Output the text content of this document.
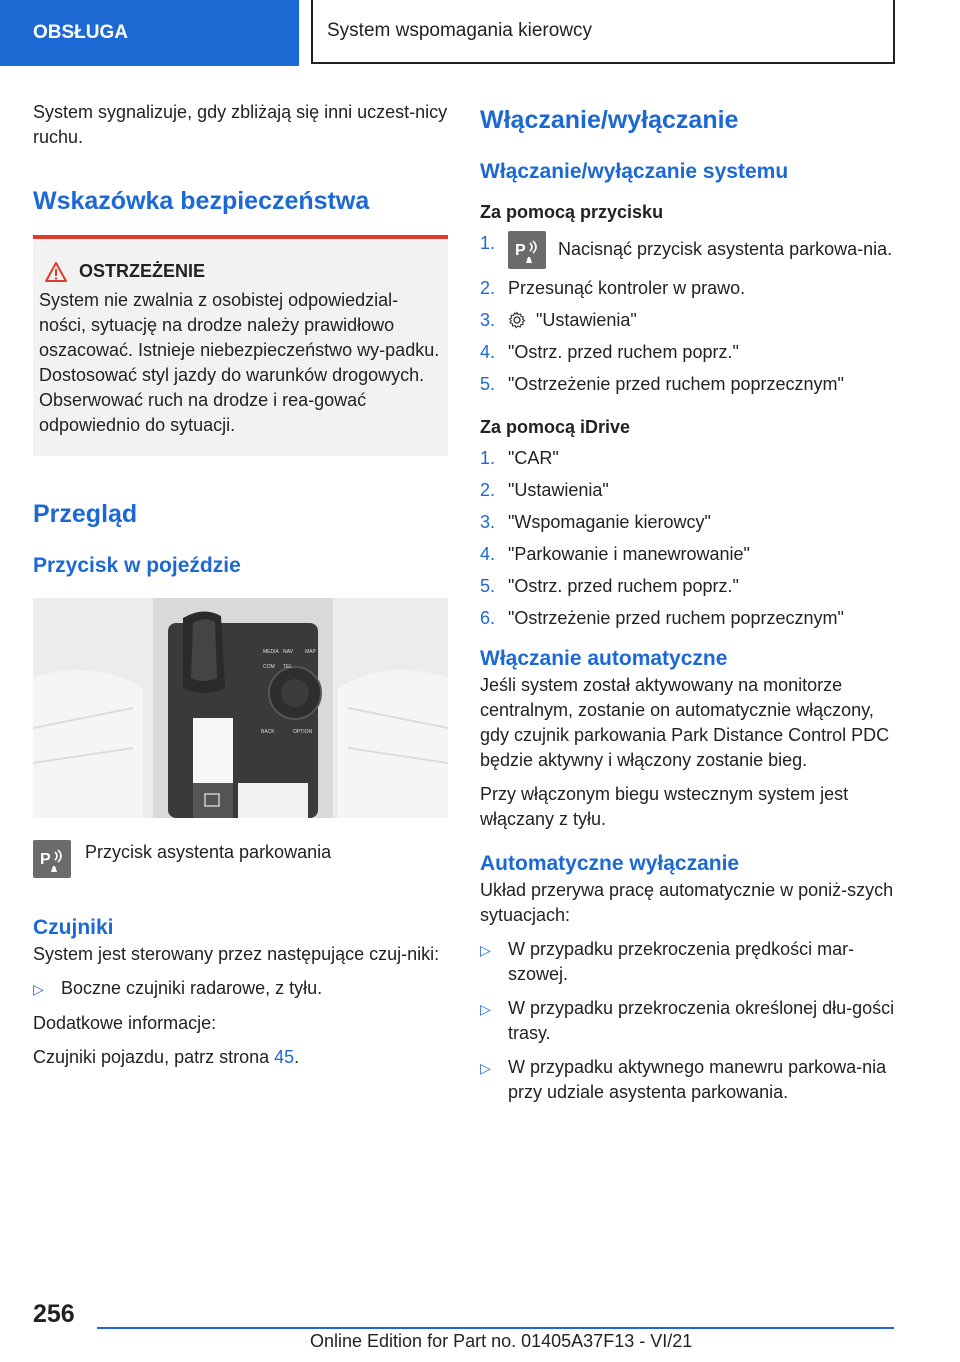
OBSŁUGA	System wspomagania kierowcy

System sygnalizuje, gdy zbliżają się inni uczest-nicy ruchu.

Wskazówka bezpieczeństwa
OSTRZEŻENIE

System nie zwalnia z osobistej odpowiedzial-ności, sytuację na drodze należy prawidłowo oszacować. Istnieje niebezpieczeństwo wy-padku. Dostosować styl jazdy do warunków drogowych. Obserwować ruch na drodze i rea-gować odpowiednio do sytuacji.

Przegląd
Przycisk w pojeździe
MEDIA
COM
NAV
TEL
MAP
BACK	OPTION
P Przycisk asystenta parkowania
Czujniki

System jest sterowany przez następujące czuj-niki:

▷ Boczne czujniki radarowe, z tyłu.

Dodatkowe informacje:

Czujniki pojazdu, patrz strona 45.

Włączanie/wyłączanie
Włączanie/wyłączanie systemu
Za pomocą przycisku
1.	P Nacisnąć przycisk asystenta parkowa-nia.
2. Przesunąć kontroler w prawo.
3.	"Ustawienia"
4. "Ostrz. przed ruchem poprz."
5. "Ostrzeżenie przed ruchem poprzecznym"
Za pomocą iDrive
1. "CAR"
2. "Ustawienia"
3. "Wspomaganie kierowcy"
4. "Parkowanie i manewrowanie"
5. "Ostrz. przed ruchem poprz."
6. "Ostrzeżenie przed ruchem poprzecznym"
Włączanie automatyczne

Jeśli system został aktywowany na monitorze centralnym, zostanie on automatycznie włączony, gdy czujnik parkowania Park Distance Control PDC będzie aktywny i włączony zostanie bieg.

Przy włączonym biegu wstecznym system jest włączany z tyłu.

Automatyczne wyłączanie

Układ przerywa pracę automatycznie w poniż-szych sytuacjach:

▷ W przypadku przekroczenia prędkości mar-szowej.
▷ W przypadku przekroczenia określonej dłu-gości trasy.
▷ W przypadku aktywnego manewru parkowa-nia przy udziale asystenta parkowania.
256
Online Edition for Part no. 01405A37F13 - VI/21
